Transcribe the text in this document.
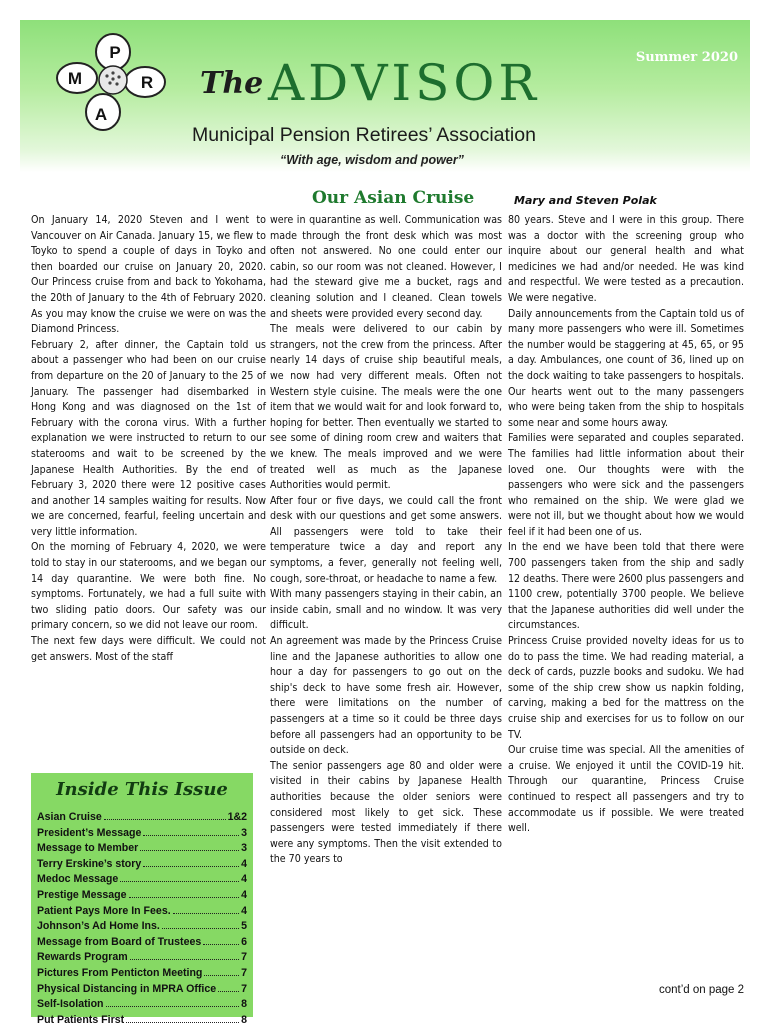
P
M	R
A
Summer 2020
The ADVISOR
Municipal Pension Retirees’ Association
“With age, wisdom and power”
Our Asian Cruise	Mary and Steven Polak

On January 14, 2020 Steven and I went to Vancouver on Air Canada. January 15, we flew to Toyko to spend a couple of days in Toyko and then boarded our cruise on January 20, 2020. Our Princess cruise from and back to Yokohama, the 20th of January to the 4th of February 2020. As you may know the cruise we were on was the Diamond Princess.

February 2, after dinner, the Captain told us about a passenger who had been on our cruise from departure on the 20 of January to the 25 of January. The passenger had disembarked in Hong Kong and was diagnosed on the 1st of February with the corona virus. With a further explanation we were instructed to return to our staterooms and wait to be screened by the Japanese Health Authorities. By the end of February 3, 2020 there were 12 positive cases and another 14 samples waiting for results. Now we are concerned, fearful, feeling uncertain and very little information.

On the morning of February 4, 2020, we were told to stay in our staterooms, and we began our 14 day quarantine. We were both fine. No symptoms. Fortunately, we had a full suite with two sliding patio doors. Our safety was our primary concern, so we did not leave our room.

The next few days were difficult. We could not get answers. Most of the staff

were in quarantine as well. Communication was made through the front desk which was most often not answered. No one could enter our cabin, so our room was not cleaned. However, I had the steward give me a bucket, rags and cleaning solution and I cleaned. Clean towels and sheets were provided every second day.

The meals were delivered to our cabin by strangers, not the crew from the princess. After nearly 14 days of cruise ship beautiful meals, we now had very different meals. Often not Western style cuisine. The meals were the one item that we would wait for and look forward to, hoping for better. Then eventually we started to see some of dining room crew and waiters that we knew. The meals improved and we were treated well as much as the Japanese Authorities would permit.

After four or five days, we could call the front desk with our questions and get some answers. All passengers were told to take their temperature twice a day and report any symptoms, a fever, generally not feeling well, cough, sore-throat, or headache to name a few.

With many passengers staying in their cabin, an inside cabin, small and no window. It was very difficult.

An agreement was made by the Princess Cruise line and the Japanese authorities to allow one hour a day for passengers to go out on the ship's deck to have some fresh air. However, there were limitations on the number of passengers at a time so it could be three days before all passengers had an opportunity to be outside on deck.

The senior passengers age 80 and older were visited in their cabins by Japanese Health authorities because the older seniors were considered most likely to get sick. These passengers were tested immediately if there were any symptoms. Then the visit extended to the 70 years to

80 years. Steve and I were in this group. There was a doctor with the screening group who inquire about our general health and what medicines we had and/or needed. He was kind and respectful. We were tested as a precaution. We were negative.

Daily announcements from the Captain told us of many more passengers who were ill. Sometimes the number would be staggering at 45, 65, or 95 a day. Ambulances, one count of 36, lined up on the dock waiting to take passengers to hospitals. Our hearts went out to the many passengers who were being taken from the ship to hospitals some near and some hours away.

Families were separated and couples separated. The families had little information about their loved one. Our thoughts were with the passengers who were sick and the passengers who remained on the ship. We were glad we were not ill, but we thought about how we would feel if it had been one of us.

In the end we have been told that there were 700 passengers taken from the ship and sadly 12 deaths. There were 2600 plus passengers and 1100 crew, potentially 3700 people. We believe that the Japanese authorities did well under the circumstances.

Princess Cruise provided novelty ideas for us to do to pass the time. We had reading material, a deck of cards, puzzle books and sudoku. We had some of the ship crew show us napkin folding, carving, making a bed for the mattress on the cruise ship and exercises for us to follow on our TV.

Our cruise time was special. All the amenities of a cruise. We enjoyed it until the COVID-19 hit. Through our quarantine, Princess Cruise continued to respect all passengers and try to accommodate us if possible. We were treated well.

cont’d on page 2
Inside This Issue
Asian Cruise	1&2
President’s Message	3
Message to Member	3
Terry Erskine’s story	4
Medoc Message	4
Prestige Message	4
Patient Pays More In Fees.	4
Johnson’s Ad Home Ins.	5
Message from Board of Trustees	6
Rewards Program	7
Pictures From Penticton Meeting	7
Physical Distancing in MPRA Office 7
Self-Isolation	8
Put Patients First	8
